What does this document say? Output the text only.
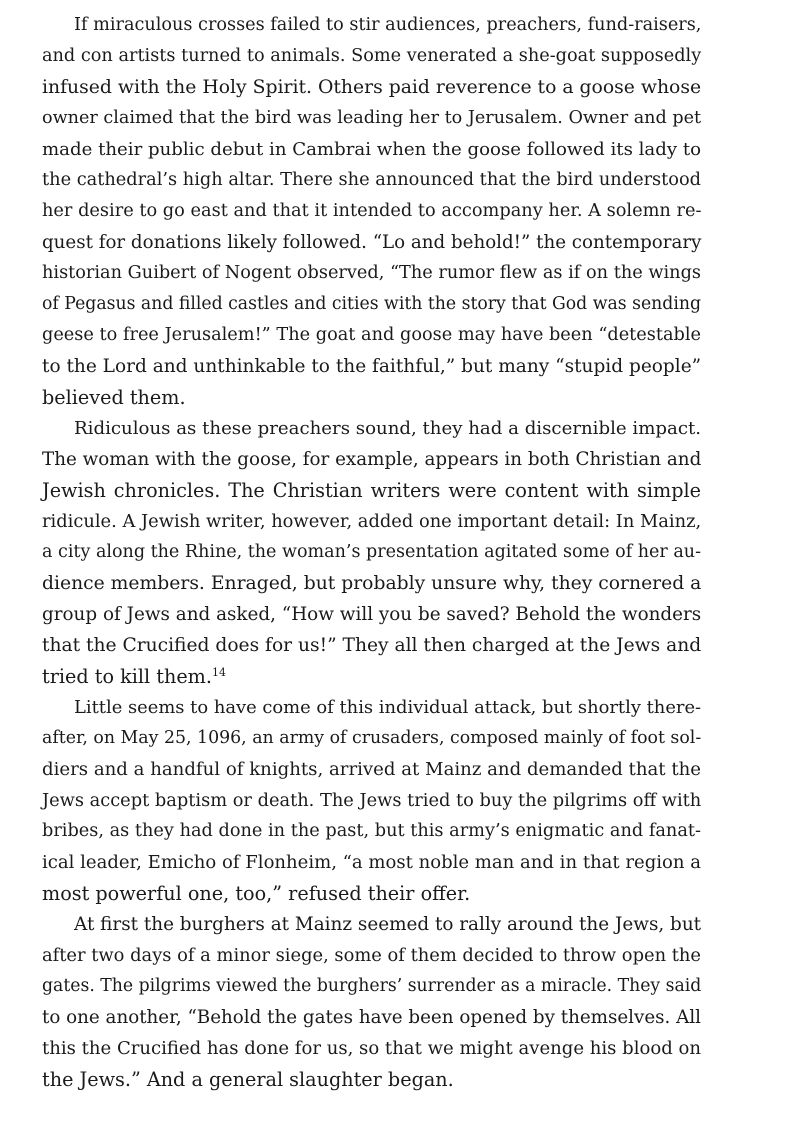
If miraculous crosses failed to stir audiences, preachers, fund-raisers,
and con artists turned to animals. Some venerated a she-goat supposedly
infused with the Holy Spirit. Others paid reverence to a goose whose
owner claimed that the bird was leading her to Jerusalem. Owner and pet
made their public debut in Cambrai when the goose followed its lady to
the cathedral’s high altar. There she announced that the bird understood
her desire to go east and that it intended to accompany her. A solemn re-
quest for donations likely followed. “Lo and behold!” the contemporary
historian Guibert of Nogent observed, “The rumor flew as if on the wings
of Pegasus and filled castles and cities with the story that God was sending
geese to free Jerusalem!” The goat and goose may have been “detestable
to the Lord and unthinkable to the faithful,” but many “stupid people”
believed them.
Ridiculous as these preachers sound, they had a discernible impact.
The woman with the goose, for example, appears in both Christian and
Jewish chronicles. The Christian writers were content with simple
ridicule. A Jewish writer, however, added one important detail: In Mainz,
a city along the Rhine, the woman’s presentation agitated some of her au-
dience members. Enraged, but probably unsure why, they cornered a
group of Jews and asked, “How will you be saved? Behold the wonders
that the Crucified does for us!” They all then charged at the Jews and
tried to kill them.$^{14}$
Little seems to have come of this individual attack, but shortly there-
after, on May 25, 1096, an army of crusaders, composed mainly of foot sol-
diers and a handful of knights, arrived at Mainz and demanded that the
Jews accept baptism or death. The Jews tried to buy the pilgrims off with
bribes, as they had done in the past, but this army’s enigmatic and fanat-
ical leader, Emicho of Flonheim, “a most noble man and in that region a
most powerful one, too,” refused their offer.
At first the burghers at Mainz seemed to rally around the Jews, but
after two days of a minor siege, some of them decided to throw open the
gates. The pilgrims viewed the burghers’ surrender as a miracle. They said
to one another, “Behold the gates have been opened by themselves. All
this the Crucified has done for us, so that we might avenge his blood on
the Jews.” And a general slaughter began.
